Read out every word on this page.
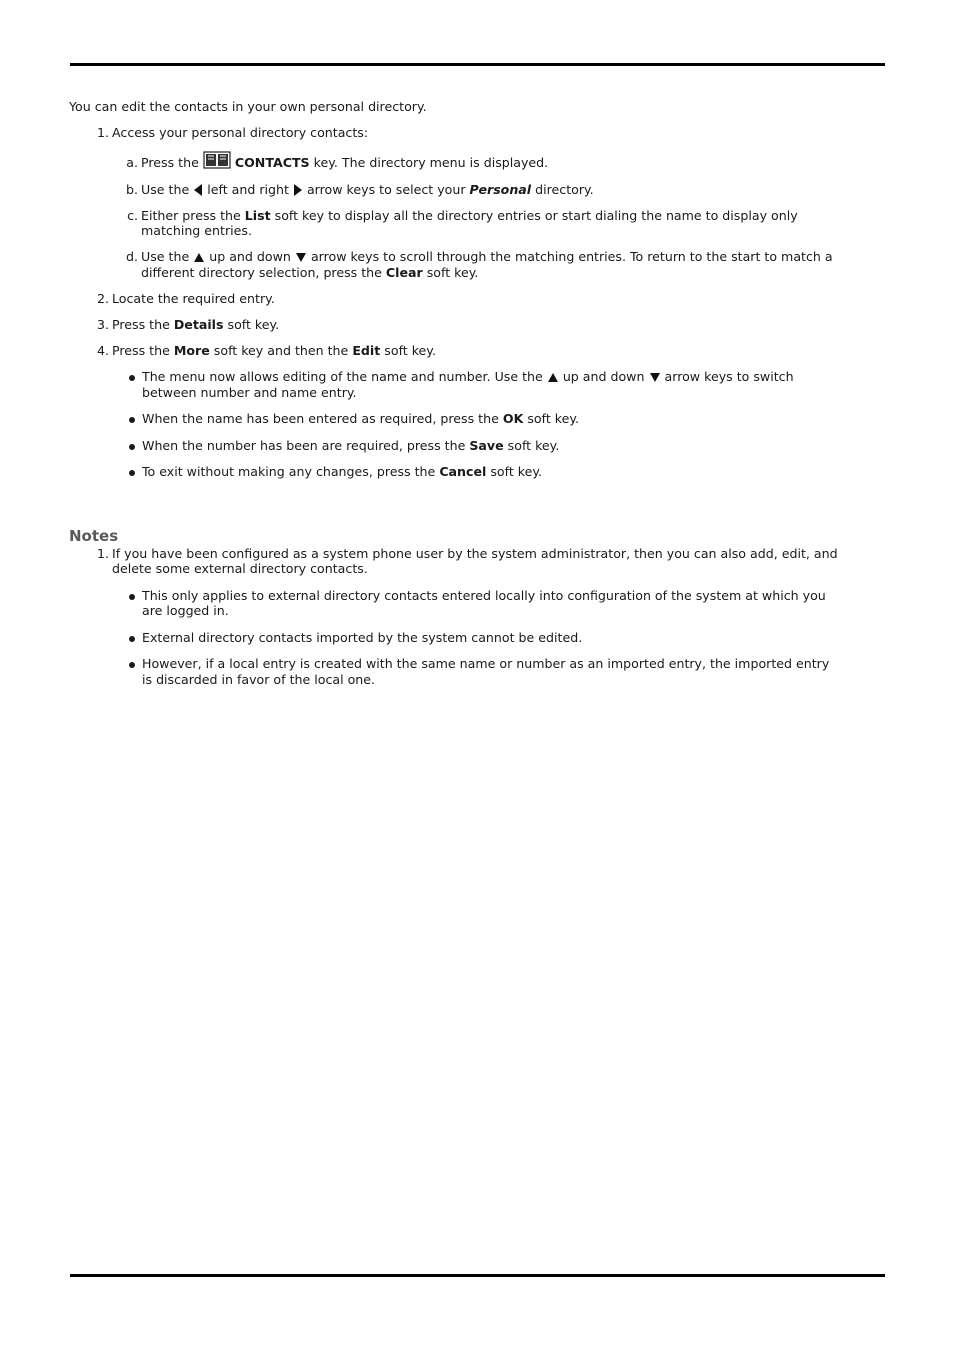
You can edit the contacts in your own personal directory.
1. Access your personal directory contacts:
a. Press the	CONTACTS key. The directory menu is displayed.
b. Use the left and right arrow keys to select your Personal directory.
c. Either press the List soft key to display all the directory entries or start dialing the name to display only
matching entries.
d. Use the up and down arrow keys to scroll through the matching entries. To return to the start to match a
different directory selection, press the Clear soft key.
2. Locate the required entry.
3. Press the Details soft key.
4. Press the More soft key and then the Edit soft key.
The menu now allows editing of the name and number. Use the up and down arrow keys to switch
between number and name entry.
When the name has been entered as required, press the OK soft key.
When the number has been are required, press the Save soft key.
To exit without making any changes, press the Cancel soft key.
Notes
1. If you have been configured as a system phone user by the system administrator, then you can also add, edit, and
delete some external directory contacts.
This only applies to external directory contacts entered locally into configuration of the system at which you
are logged in.
External directory contacts imported by the system cannot be edited.
However, if a local entry is created with the same name or number as an imported entry, the imported entry
is discarded in favor of the local one.
